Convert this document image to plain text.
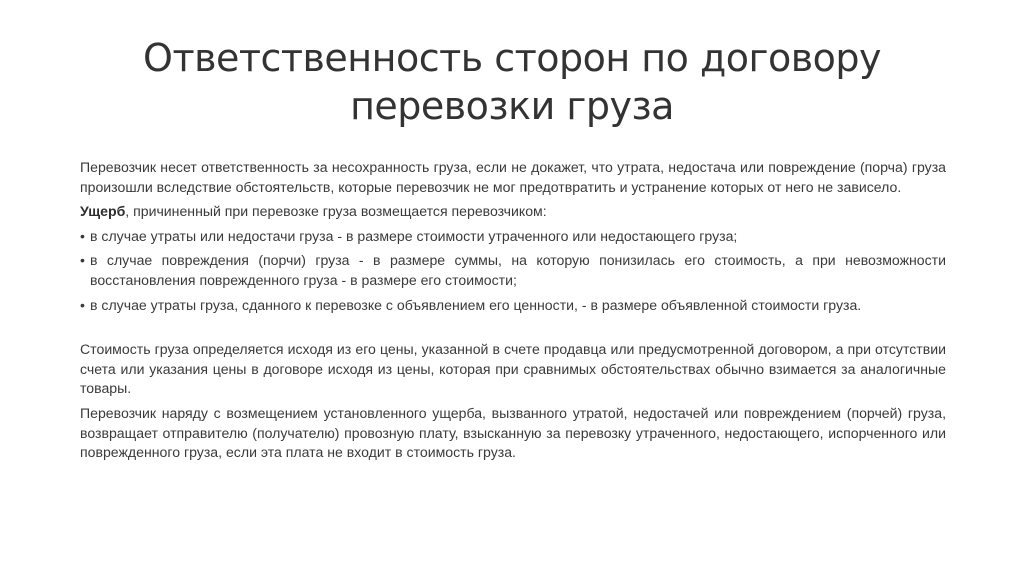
Ответственность сторон по договору
перевозки груза

Перевозчик несет ответственность за несохранность груза, если не докажет, что утрата, недостача или повреждение (порча) груза произошли вследствие обстоятельств, которые перевозчик не мог предотвратить и устранение которых от него не зависело.

Ущерб, причиненный при перевозке груза возмещается перевозчиком:

• в случае утраты или недостачи груза - в размере стоимости утраченного или недостающего груза;
• в случае повреждения (порчи) груза - в размере суммы, на которую понизилась его стоимость, а при невозможности восстановления поврежденного груза - в размере его стоимости;
• в случае утраты груза, сданного к перевозке с объявлением его ценности, - в размере объявленной стоимости груза.

Стоимость груза определяется исходя из его цены, указанной в счете продавца или предусмотренной договором, а при отсутствии счета или указания цены в договоре исходя из цены, которая при сравнимых обстоятельствах обычно взимается за аналогичные товары.

Перевозчик наряду с возмещением установленного ущерба, вызванного утратой, недостачей или повреждением (порчей) груза, возвращает отправителю (получателю) провозную плату, взысканную за перевозку утраченного, недостающего, испорченного или поврежденного груза, если эта плата не входит в стоимость груза.
